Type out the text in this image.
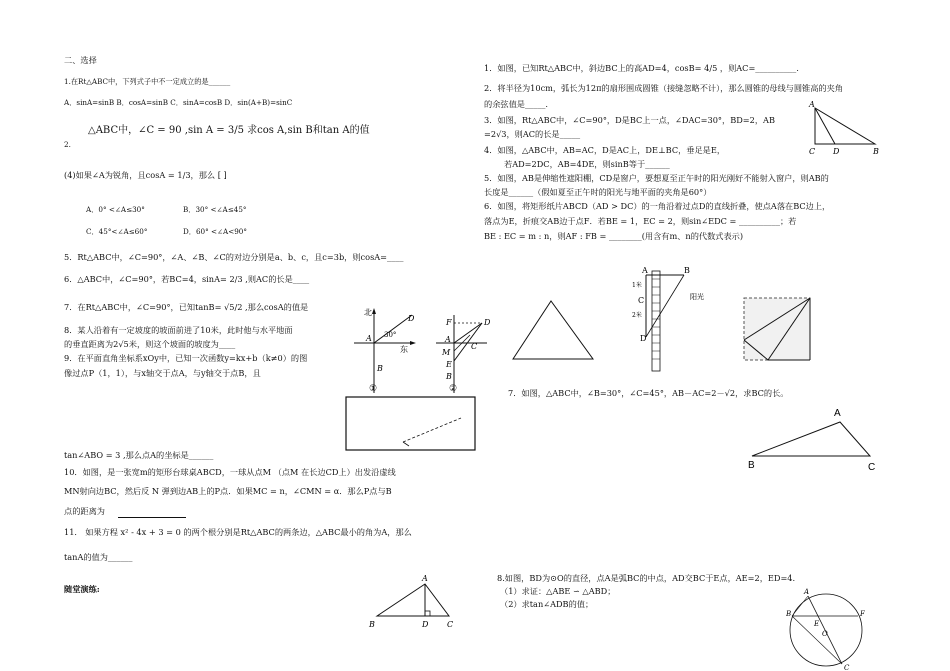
二、选择
1.在Rt△ABC中，下列式子中不一定成立的是______
A．sinA=sinB B．cosA=sinB C．sinA=cosB D．sin(A+B)=sinC
△ABC中，∠C = 90 ,sin A = 3/5 求cos A,sin B和tan A的值
2.
(4)如果∠A为锐角，且cosA = 1/3，那么 [ ]
A．0° <∠A≤30°	B．30° <∠A≤45°
C．45°<∠A≤60°	D．60° <∠A<90°
5．Rt△ABC中，∠C=90°，∠A、∠B、∠C的对边分别是a、b、c，且c=3b，则cosA=____
6．△ABC中，∠C=90°，若BC=4，sinA= 2/3 ,则AC的长是____
7．在Rt△ABC中，∠C=90°，已知tanB= √5/2 ,那么cosA的值是
8．某人沿着有一定坡度的坡面前进了10米，此时他与水平地面
的垂直距离为2√5米，则这个坡面的坡度为____
9．在平面直角坐标系xOy中，已知一次函数y=kx+b（k≠0）的图
像过点P（1，1），与x轴交于点A，与y轴交于点B，且
tan∠ABO = 3 ,那么点A的坐标是______
10．如图，是一张宽m的矩形台球桌ABCD，一球从点M （点M 在长边CD上）出发沿虚线
MN射向边BC，然后反 N 弹到边AB上的P点．如果MC = n，∠CMN = α．那么P点与B
点的距离为
11． 如果方程 x² - 4x + 3 = 0 的两个根分别是Rt△ABC的两条边，△ABC最小的角为A，那么
tanA的值为______
随堂演练:
北
东
D
A
B
30°
①
F	D
A
M
C
E
B
②
A
B	D C
1．如图，已知Rt△ABC中，斜边BC上的高AD=4，cosB= 4/5 ，则AC=__________.
2．将半径为10cm，弧长为12π的扇形围成圆锥（接缝忽略不计），那么圆锥的母线与圆锥高的夹角
的余弦值是_____.
3．如图，Rt△ABC中，∠C=90°，D是BC上一点，∠DAC=30°，BD=2，AB
=2√3，则AC的长是_____
4．如图，△ABC中，AB=AC，D是AC上，DE⊥BC，垂足是E，
若AD=2DC，AB=4DE，则sinB等于______
5．如图，AB是伸缩性遮阳棚，CD是窗户，要想夏至正午时的阳光刚好不能射入窗户，则AB的
长度是______（假如夏至正午时的阳光与地平面的夹角是60°）
6．如图，将矩形纸片ABCD（AD > DC）的一角沿着过点D的直线折叠，使点A落在BC边上，
落点为E，折痕交AB边于点F．若BE = 1，EC = 2，则sin∠EDC = __________；若
BE : EC = m : n，则AF : FB = ________(用含有m、n的代数式表示)
7．如图，△ABC中，∠B=30°，∠C=45°，AB－AC=2－√2，求BC的长。
8.如图，BD为⊙O的直径，点A是弧BC的中点，AD交BC于E点，AE=2，ED=4.
（1）求证：△ABE ∽ △ABD；
（2）求tan∠ADB的值；
A
C D	B
A	B
C
D
1米
2米
阳光
A
B	C
B
A
E
F
O
C
